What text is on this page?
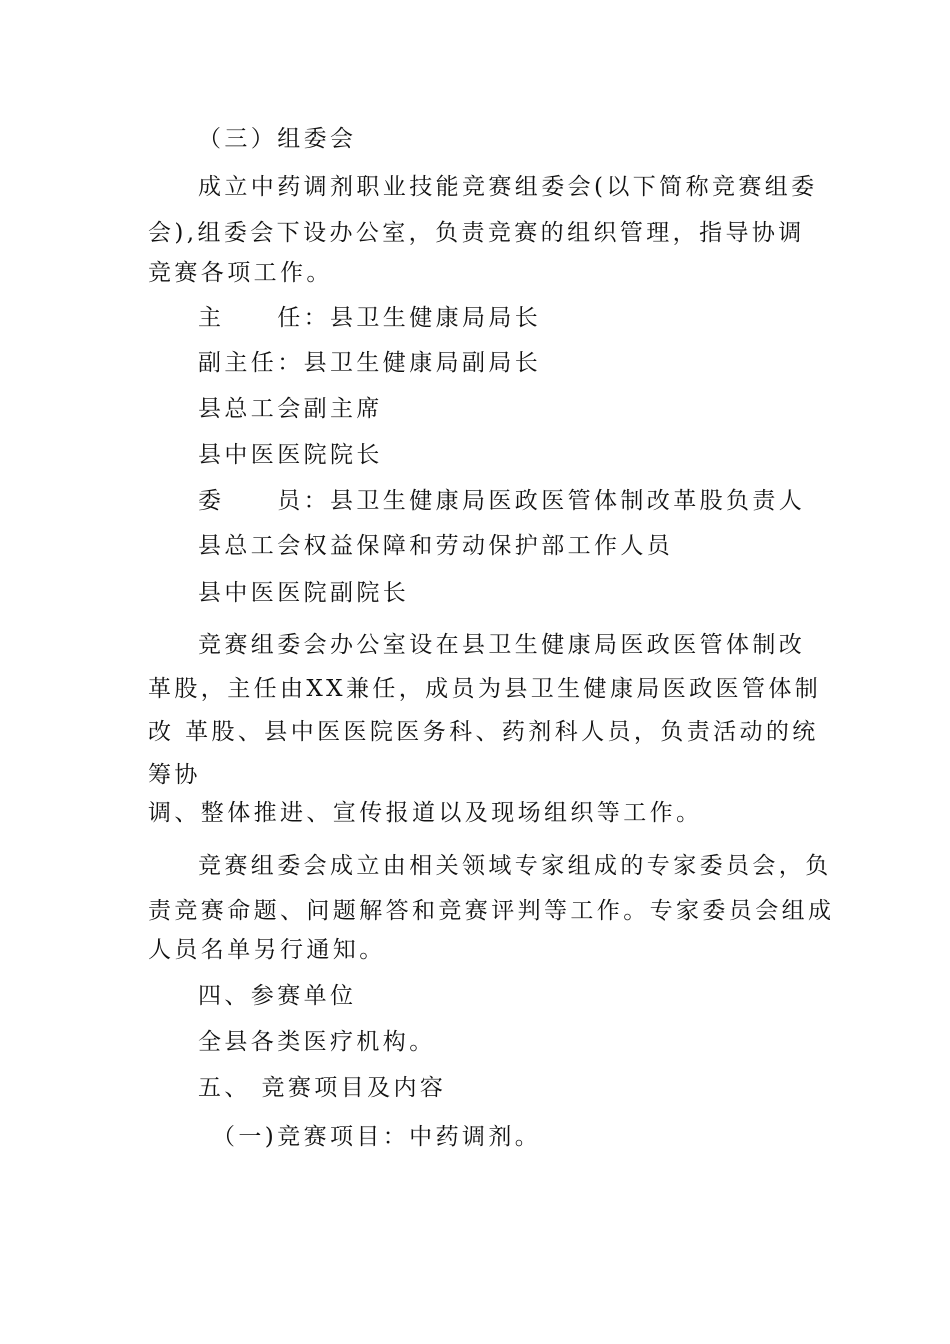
（三）组委会
成立中药调剂职业技能竞赛组委会(以下简称竞赛组委
会),组委会下设办公室，负责竞赛的组织管理，指导协调
竞赛各项工作。
主　　任：县卫生健康局局长
副主任：县卫生健康局副局长
县总工会副主席
县中医医院院长
委　　员：县卫生健康局医政医管体制改革股负责人
县总工会权益保障和劳动保护部工作人员
县中医医院副院长
竞赛组委会办公室设在县卫生健康局医政医管体制改
革股，主任由XX兼任，成员为县卫生健康局医政医管体制
改 革股、县中医医院医务科、药剂科人员，负责活动的统
筹协
调、整体推进、宣传报道以及现场组织等工作。
竞赛组委会成立由相关领域专家组成的专家委员会，负
责竞赛命题、问题解答和竞赛评判等工作。专家委员会组成
人员名单另行通知。
四、参赛单位
全县各类医疗机构。
五、 竞赛项目及内容
（一)竞赛项目：中药调剂。
